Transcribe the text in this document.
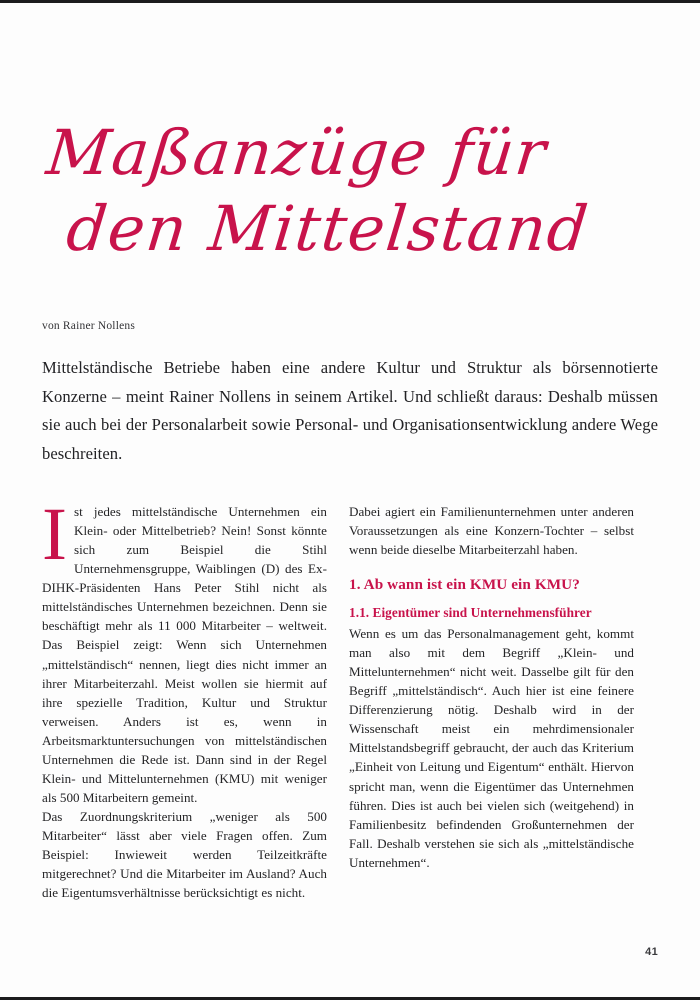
Maßanzüge für
den Mittelstand
von Rainer Nollens
Mittelständische Betriebe haben eine andere Kultur und Struktur als börsennotierte Konzerne – meint Rainer Nollens in seinem Artikel. Und schließt daraus: Deshalb müssen sie auch bei der Personalarbeit sowie Personal- und Organisationsentwicklung andere Wege beschreiten.

Ist jedes mittelständische Unternehmen ein Klein- oder Mittelbetrieb? Nein! Sonst könnte sich zum Beispiel die Stihl Unternehmensgruppe, Waiblingen (D) des Ex-DIHK-Präsidenten Hans Peter Stihl nicht als mittelständisches Unternehmen bezeichnen. Denn sie beschäftigt mehr als 11 000 Mitarbeiter – weltweit. Das Beispiel zeigt: Wenn sich Unternehmen „mittelständisch“ nennen, liegt dies nicht immer an ihrer Mitarbeiterzahl. Meist wollen sie hiermit auf ihre spezielle Tradition, Kultur und Struktur verweisen. Anders ist es, wenn in Arbeitsmarktuntersuchungen von mittelständischen Unternehmen die Rede ist. Dann sind in der Regel Klein- und Mittelunternehmen (KMU) mit weniger als 500 Mitarbeitern gemeint.

Das Zuordnungskriterium „weniger als 500 Mitarbeiter“ lässt aber viele Fragen offen. Zum Beispiel: Inwieweit werden Teilzeitkräfte mitgerechnet? Und die Mitarbeiter im Ausland? Auch die Eigentumsverhältnisse berücksichtigt es nicht.

Dabei agiert ein Familienunternehmen unter anderen Voraussetzungen als eine Konzern-Tochter – selbst wenn beide dieselbe Mitarbeiterzahl haben.

1. Ab wann ist ein KMU ein KMU?
1.1. Eigentümer sind Unternehmensführer

Wenn es um das Personalmanagement geht, kommt man also mit dem Begriff „Klein- und Mittelunternehmen“ nicht weit. Dasselbe gilt für den Begriff „mittelständisch“. Auch hier ist eine feinere Differenzierung nötig. Deshalb wird in der Wissenschaft meist ein mehrdimensionaler Mittelstandsbegriff gebraucht, der auch das Kriterium „Einheit von Leitung und Eigentum“ enthält. Hiervon spricht man, wenn die Eigentümer das Unternehmen führen. Dies ist auch bei vielen sich (weitgehend) in Familienbesitz befindenden Großunternehmen der Fall. Deshalb verstehen sie sich als „mittelständische Unternehmen“.

41
